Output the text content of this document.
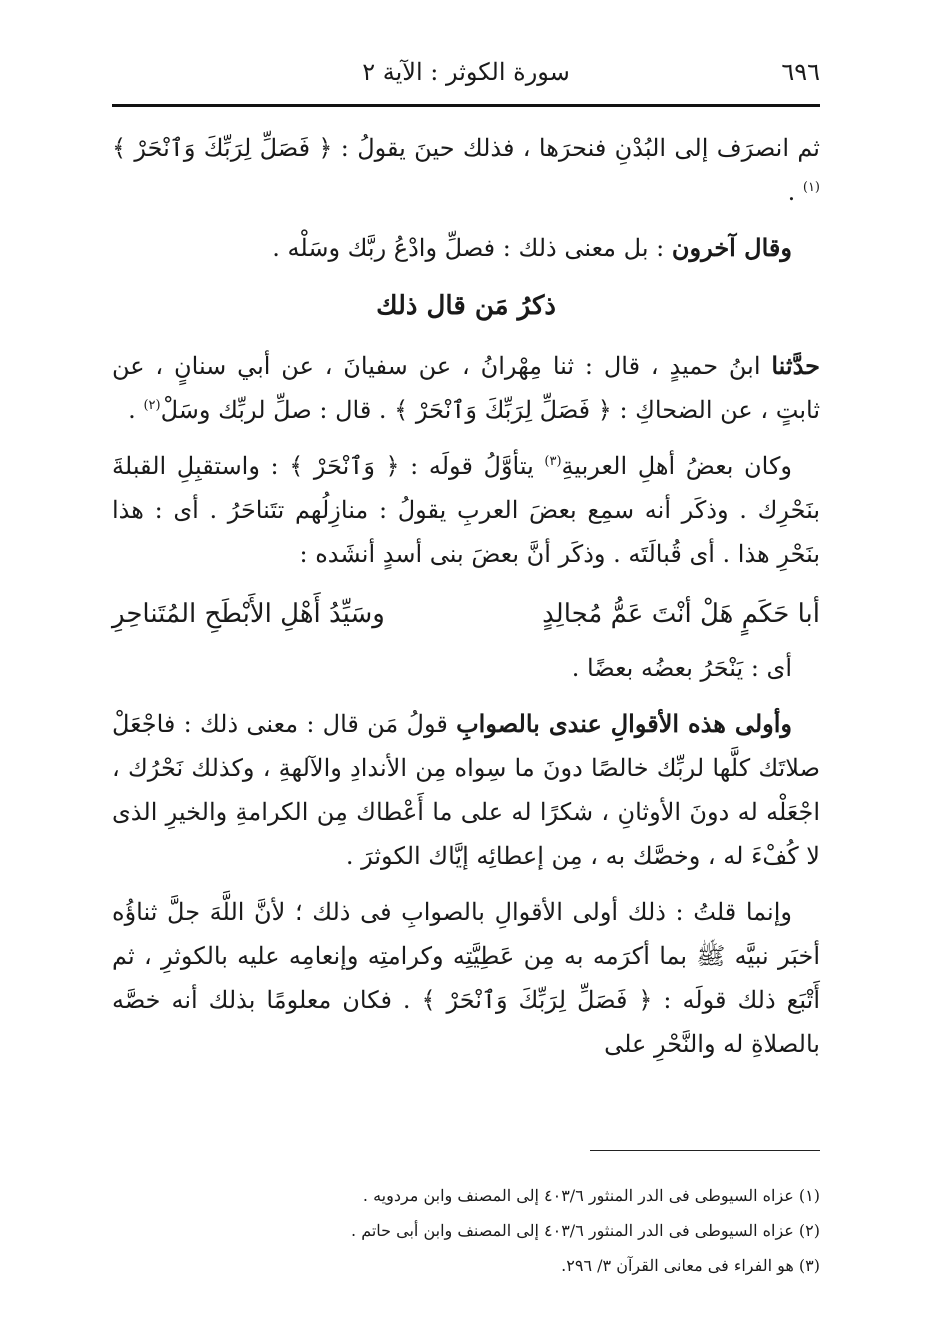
٦٩٦
سورة الكوثر : الآية ٢

ثم انصرَف إلى البُدْنِ فنحرَها ، فذلك حينَ يقولُ : ﴿ فَصَلِّ لِرَبِّكَ وَٱنْحَرْ ﴾$^{(١)}$ .

وقال آخرون : بل معنى ذلك : فصلِّ وادْعُ ربَّك وسَلْه .

ذكرُ مَن قال ذلك

حدَّثنا ابنُ حميدٍ ، قال : ثنا مِهْرانُ ، عن سفيانَ ، عن أبي سنانٍ ، عن ثابتٍ ، عن الضحاكِ : ﴿ فَصَلِّ لِرَبِّكَ وَٱنْحَرْ ﴾ . قال : صلِّ لربِّك وسَلْ$^{(٢)}$ .

وكان بعضُ أهلِ العربيةِ$^{(٣)}$ يتأوَّلُ قولَه : ﴿ وَٱنْحَرْ ﴾ : واستقبِلِ القبلةَ بنَحْرِك . وذكَر أنه سمِع بعضَ العربِ يقولُ : منازِلُهم تتَناحَرُ . أى : هذا بنَحْرِ هذا . أى قُبالَتَه . وذكَر أنَّ بعضَ بنى أسدٍ أنشَده :

أبا حَكَمٍ هَلْ أنْتَ عَمُّ مُجالِدٍ
وسَيِّدُ أَهْلِ الأَبْطَحِ المُتَناحِرِ

أى : يَنْحَرُ بعضُه بعضًا .

وأولى هذه الأقوالِ عندى بالصوابِ قولُ مَن قال : معنى ذلك : فاجْعَلْ صلاتَك كلَّها لربِّك خالصًا دونَ ما سِواه مِن الأندادِ والآلهةِ ، وكذلك نَحْرُك ، اجْعَلْه له دونَ الأوثانِ ، شكرًا له على ما أَعْطاك مِن الكرامةِ والخيرِ الذى لا كُفْءَ له ، وخصَّك به ، مِن إعطائِه إيَّاك الكوثرَ .

وإنما قلتُ : ذلك أولى الأقوالِ بالصوابِ فى ذلك ؛ لأنَّ اللَّهَ جلَّ ثناؤُه أخبَر نبيَّه ﷺ بما أكرَمه به مِن عَطِيَّتِه وكرامتِه وإنعامِه عليه بالكوثرِ ، ثم أَتْبَع ذلك قولَه : ﴿ فَصَلِّ لِرَبِّكَ وَٱنْحَرْ ﴾ . فكان معلومًا بذلك أنه خصَّه بالصلاةِ له والنَّحْرِ على

(١) عزاه السيوطى فى الدر المنثور ٤٠٣/٦ إلى المصنف وابن مردويه .

(٢) عزاه السيوطى فى الدر المنثور ٤٠٣/٦ إلى المصنف وابن أبى حاتم .

(٣) هو الفراء فى معانى القرآن ٣/ ٢٩٦.
